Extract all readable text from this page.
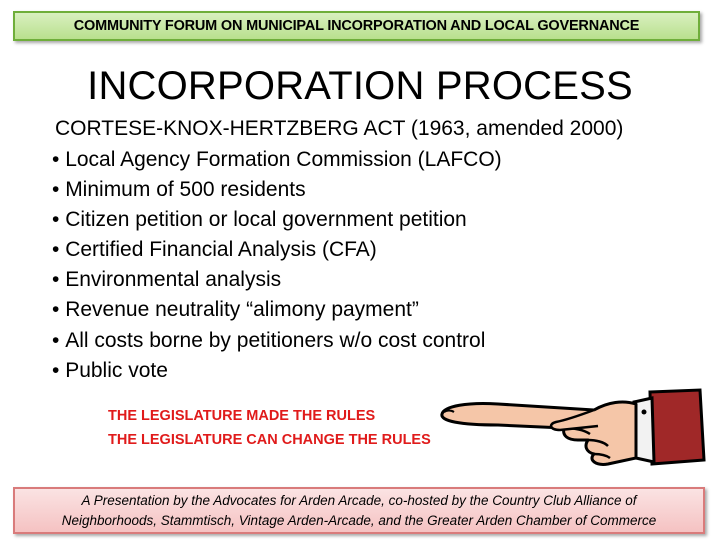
COMMUNITY FORUM ON MUNICIPAL INCORPORATION AND LOCAL GOVERNANCE
INCORPORATION PROCESS
CORTESE-KNOX-HERTZBERG ACT (1963, amended 2000)
• Local Agency Formation Commission (LAFCO)
• Minimum of 500 residents
• Citizen petition or local government petition
• Certified Financial Analysis (CFA)
• Environmental analysis
• Revenue neutrality “alimony payment”
• All costs borne by petitioners w/o cost control
• Public vote
THE LEGISLATURE MADE THE RULES
THE LEGISLATURE CAN CHANGE THE RULES
A Presentation by the Advocates for Arden Arcade, co-hosted by the Country Club Alliance of
Neighborhoods, Stammtisch, Vintage Arden-Arcade, and the Greater Arden Chamber of Commerce
